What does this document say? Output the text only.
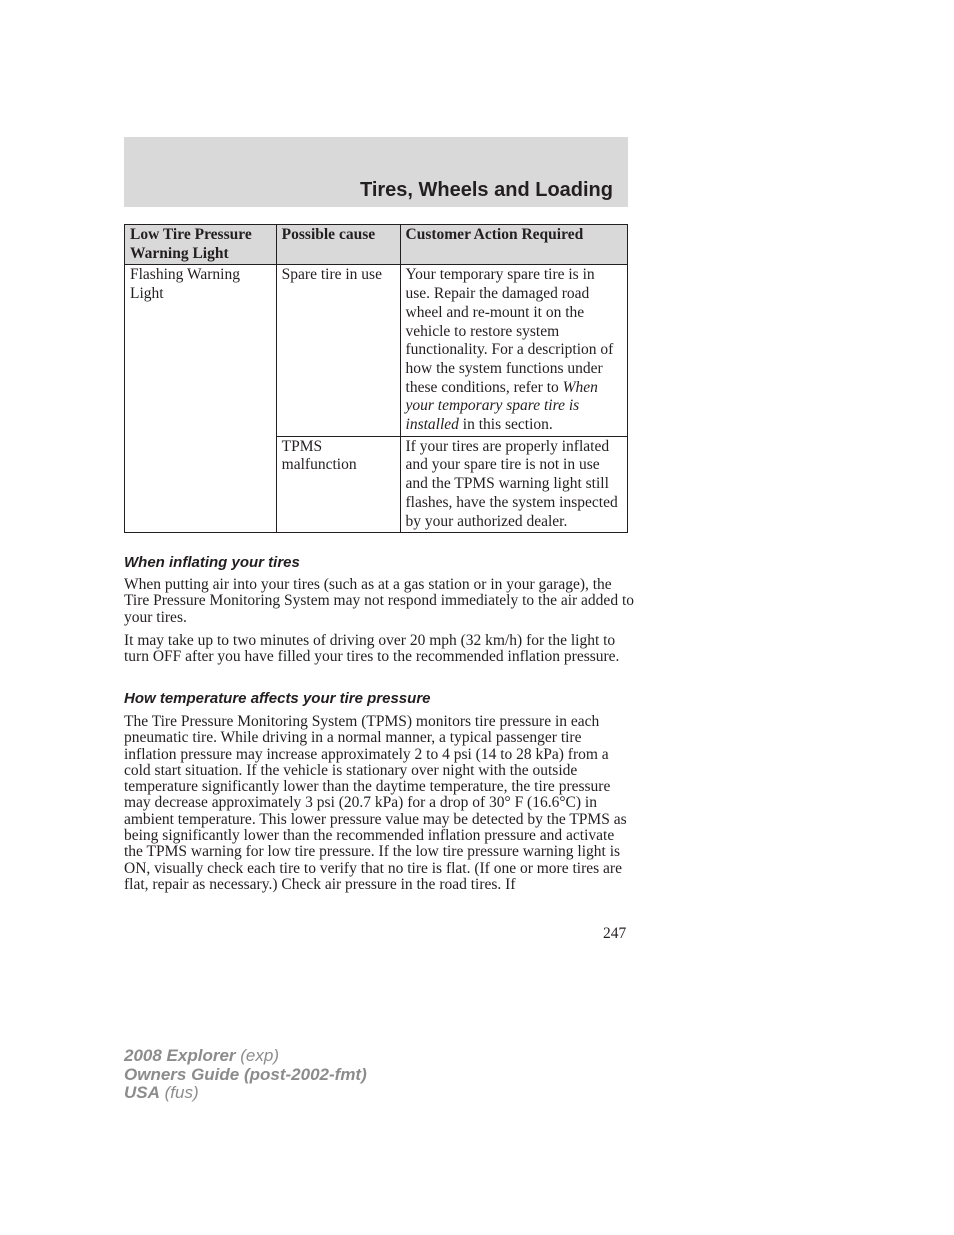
Tires, Wheels and Loading
Low Tire Pressure Warning Light	Possible cause	Customer Action Required
Flashing Warning Light	Spare tire in use	Your temporary spare tire is in use. Repair the damaged road wheel and re-mount it on the vehicle to restore system functionality. For a description of how the system functions under these conditions, refer to When your temporary spare tire is installed in this section.
	TPMS malfunction	If your tires are properly inflated and your spare tire is not in use and the TPMS warning light still flashes, have the system inspected by your authorized dealer.
When inflating your tires

When putting air into your tires (such as at a gas station or in your garage), the Tire Pressure Monitoring System may not respond immediately to the air added to your tires.

It may take up to two minutes of driving over 20 mph (32 km/h) for the light to turn OFF after you have filled your tires to the recommended inflation pressure.

How temperature affects your tire pressure

The Tire Pressure Monitoring System (TPMS) monitors tire pressure in each pneumatic tire. While driving in a normal manner, a typical passenger tire inflation pressure may increase approximately 2 to 4 psi (14 to 28 kPa) from a cold start situation. If the vehicle is stationary over night with the outside temperature significantly lower than the daytime temperature, the tire pressure may decrease approximately 3 psi (20.7 kPa) for a drop of 30° F (16.6°C) in ambient temperature. This lower pressure value may be detected by the TPMS as being significantly lower than the recommended inflation pressure and activate the TPMS warning for low tire pressure. If the low tire pressure warning light is ON, visually check each tire to verify that no tire is flat. (If one or more tires are flat, repair as necessary.) Check air pressure in the road tires. If

247

2008 Explorer (exp)
Owners Guide (post-2002-fmt)
USA (fus)
